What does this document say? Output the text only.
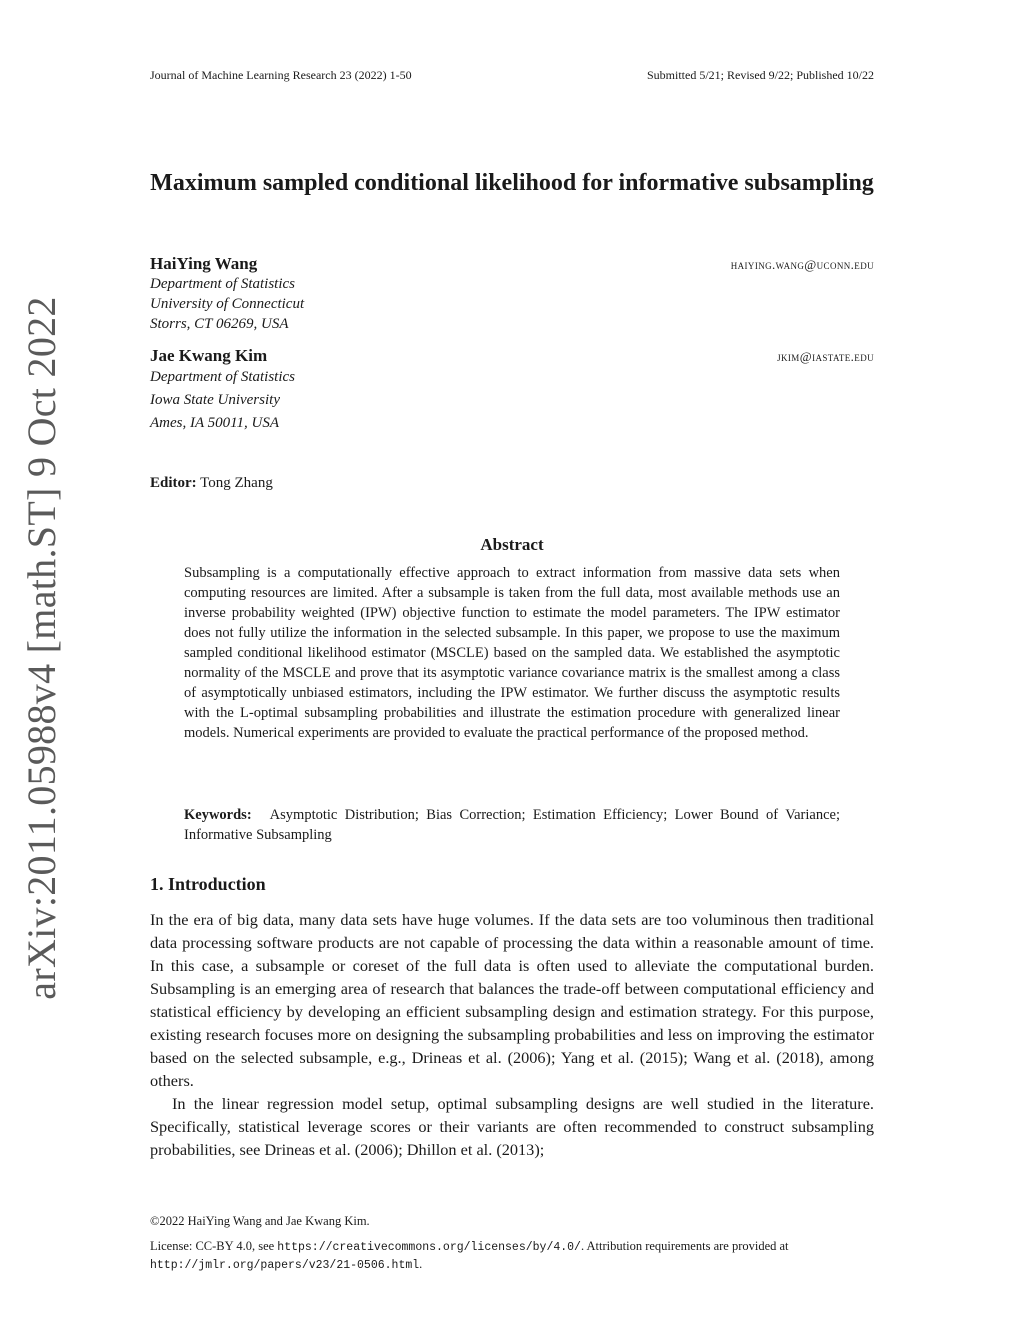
arXiv:2011.05988v4 [math.ST] 9 Oct 2022
Journal of Machine Learning Research 23 (2022) 1-50	Submitted 5/21; Revised 9/22; Published 10/22
Maximum sampled conditional likelihood for informative subsampling
HaiYing Wang	haiying.wang@uconn.edu
Department of Statistics
University of Connecticut
Storrs, CT 06269, USA
Jae Kwang Kim	jkim@iastate.edu
Department of Statistics
Iowa State University
Ames, IA 50011, USA
Editor: Tong Zhang
Abstract
Subsampling is a computationally effective approach to extract information from massive data sets when computing resources are limited. After a subsample is taken from the full data, most available methods use an inverse probability weighted (IPW) objective function to estimate the model parameters. The IPW estimator does not fully utilize the information in the selected subsample. In this paper, we propose to use the maximum sampled conditional likelihood estimator (MSCLE) based on the sampled data. We established the asymptotic normality of the MSCLE and prove that its asymptotic variance covariance matrix is the smallest among a class of asymptotically unbiased estimators, including the IPW estimator. We further discuss the asymptotic results with the L-optimal subsampling probabilities and illustrate the estimation procedure with generalized linear models. Numerical experiments are provided to evaluate the practical performance of the proposed method.
Keywords: Asymptotic Distribution; Bias Correction; Estimation Efficiency; Lower Bound of Variance; Informative Subsampling
1. Introduction

In the era of big data, many data sets have huge volumes. If the data sets are too voluminous then traditional data processing software products are not capable of processing the data within a reasonable amount of time. In this case, a subsample or coreset of the full data is often used to alleviate the computational burden. Subsampling is an emerging area of research that balances the trade-off between computational efficiency and statistical efficiency by developing an efficient subsampling design and estimation strategy. For this purpose, existing research focuses more on designing the subsampling probabilities and less on improving the estimator based on the selected subsample, e.g., Drineas et al. (2006); Yang et al. (2015); Wang et al. (2018), among others.

In the linear regression model setup, optimal subsampling designs are well studied in the literature. Specifically, statistical leverage scores or their variants are often recommended to construct subsampling probabilities, see Drineas et al. (2006); Dhillon et al. (2013);

©2022 HaiYing Wang and Jae Kwang Kim.
License: CC-BY 4.0, see https://creativecommons.org/licenses/by/4.0/. Attribution requirements are provided at http://jmlr.org/papers/v23/21-0506.html.
